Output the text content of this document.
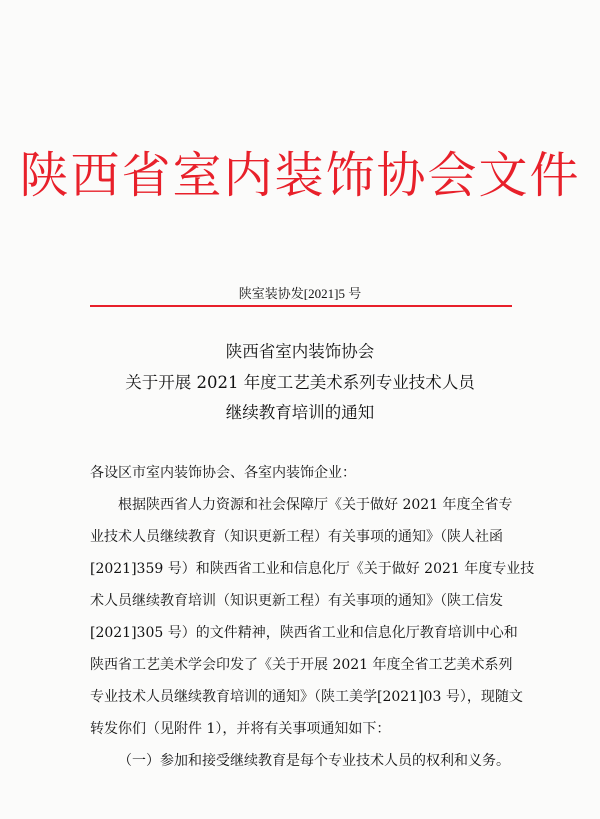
陕西省室内装饰协会文件
陕室装协发[2021]5 号
陕西省室内装饰协会
关于开展 2021 年度工艺美术系列专业技术人员
继续教育培训的通知
各设区市室内装饰协会、各室内装饰企业：
根据陕西省人力资源和社会保障厅《关于做好 2021 年度全省专
业技术人员继续教育（知识更新工程）有关事项的通知》（陕人社函
[2021]359 号）和陕西省工业和信息化厅《关于做好 2021 年度专业技
术人员继续教育培训（知识更新工程）有关事项的通知》（陕工信发
[2021]305 号）的文件精神，陕西省工业和信息化厅教育培训中心和
陕西省工艺美术学会印发了《关于开展 2021 年度全省工艺美术系列
专业技术人员继续教育培训的通知》（陕工美学[2021]03 号），现随文
转发你们（见附件 1），并将有关事项通知如下：
（一）参加和接受继续教育是每个专业技术人员的权利和义务。
